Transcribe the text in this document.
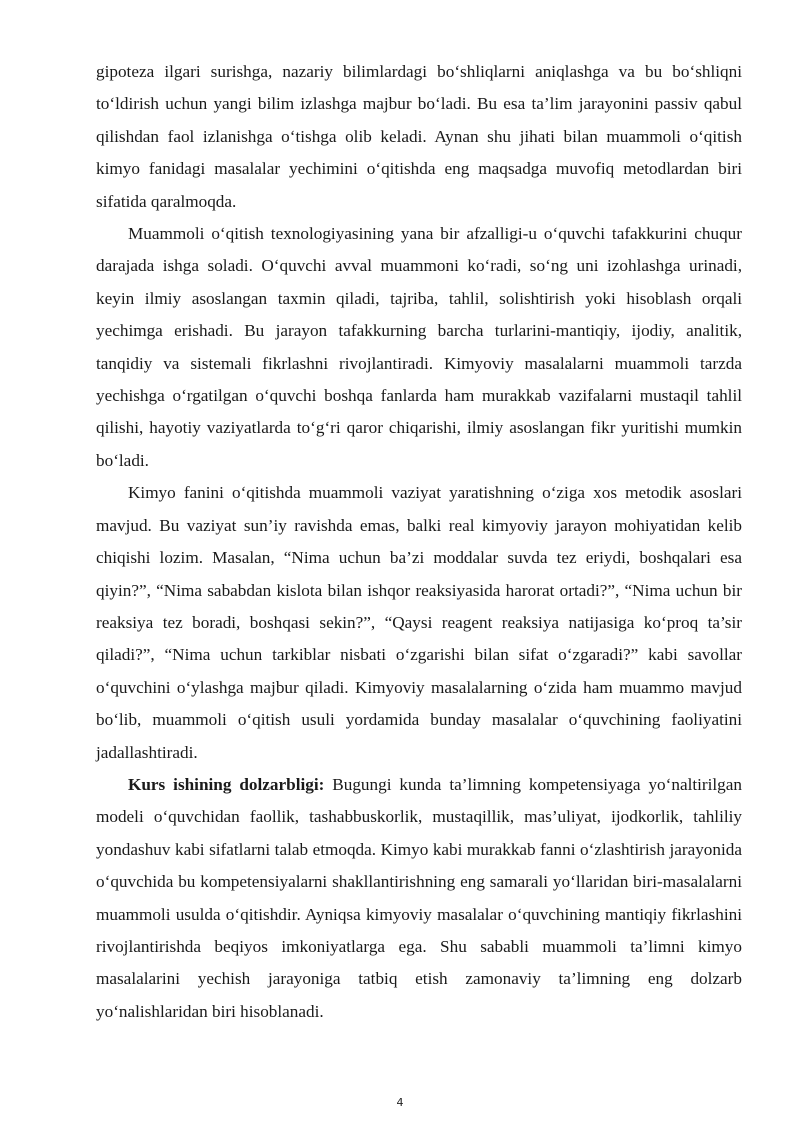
gipoteza ilgari surishga, nazariy bilimlardagi bo‘shliqlarni aniqlashga va bu bo‘shliqni to‘ldirish uchun yangi bilim izlashga majbur bo‘ladi. Bu esa ta’lim jarayonini passiv qabul qilishdan faol izlanishga o‘tishga olib keladi. Aynan shu jihati bilan muammoli o‘qitish kimyo fanidagi masalalar yechimini o‘qitishda eng maqsadga muvofiq metodlardan biri sifatida qaralmoqda.

Muammoli o‘qitish texnologiyasining yana bir afzalligi-u o‘quvchi tafakkurini chuqur darajada ishga soladi. O‘quvchi avval muammoni ko‘radi, so‘ng uni izohlashga urinadi, keyin ilmiy asoslangan taxmin qiladi, tajriba, tahlil, solishtirish yoki hisoblash orqali yechimga erishadi. Bu jarayon tafakkurning barcha turlarini-mantiqiy, ijodiy, analitik, tanqidiy va sistemali fikrlashni rivojlantiradi. Kimyoviy masalalarni muammoli tarzda yechishga o‘rgatilgan o‘quvchi boshqa fanlarda ham murakkab vazifalarni mustaqil tahlil qilishi, hayotiy vaziyatlarda to‘g‘ri qaror chiqarishi, ilmiy asoslangan fikr yuritishi mumkin bo‘ladi.

Kimyo fanini o‘qitishda muammoli vaziyat yaratishning o‘ziga xos metodik asoslari mavjud. Bu vaziyat sun’iy ravishda emas, balki real kimyoviy jarayon mohiyatidan kelib chiqishi lozim. Masalan, “Nima uchun ba’zi moddalar suvda tez eriydi, boshqalari esa qiyin?”, “Nima sababdan kislota bilan ishqor reaksiyasida harorat ortadi?”, “Nima uchun bir reaksiya tez boradi, boshqasi sekin?”, “Qaysi reagent reaksiya natijasiga ko‘proq ta’sir qiladi?”, “Nima uchun tarkiblar nisbati o‘zgarishi bilan sifat o‘zgaradi?” kabi savollar o‘quvchini o‘ylashga majbur qiladi. Kimyoviy masalalarning o‘zida ham muammo mavjud bo‘lib, muammoli o‘qitish usuli yordamida bunday masalalar o‘quvchining faoliyatini jadallashtiradi.

Kurs ishining dolzarbligi: Bugungi kunda ta’limning kompetensiyaga yo‘naltirilgan modeli o‘quvchidan faollik, tashabbuskorlik, mustaqillik, mas’uliyat, ijodkorlik, tahliliy yondashuv kabi sifatlarni talab etmoqda. Kimyo kabi murakkab fanni o‘zlashtirish jarayonida o‘quvchida bu kompetensiyalarni shakllantirishning eng samarali yo‘llaridan biri-masalalarni muammoli usulda o‘qitishdir. Ayniqsa kimyoviy masalalar o‘quvchining mantiqiy fikrlashini rivojlantirishda beqiyos imkoniyatlarga ega. Shu sababli muammoli ta’limni kimyo masalalarini yechish jarayoniga tatbiq etish zamonaviy ta’limning eng dolzarb yo‘nalishlaridan biri hisoblanadi.

4
